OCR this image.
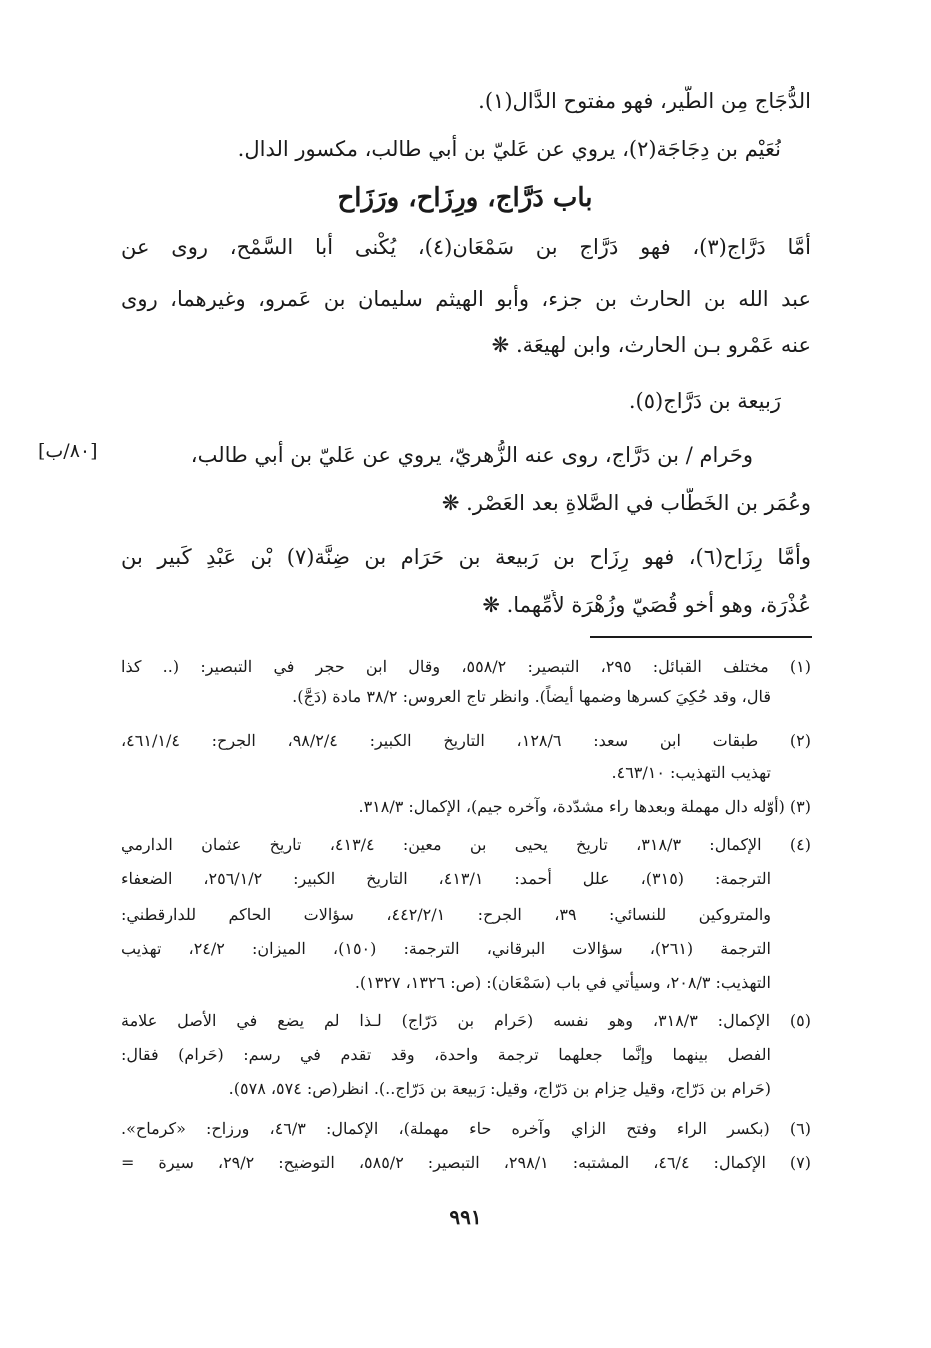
الدُّجَاج مِن الطَّير، فهو مفتوح الدَّال(١).
نُعَيْم بن دِجَاجَة(٢)، يروي عن عَليّ بن أبي طالب، مكسور الدال.
باب دَرَّاج، ورِزَاح، ورَزَاح
أمَّا دَرَّاج(٣)، فهو دَرَّاج بن سَمْعَان(٤)، يُكْنى أبا السَّمْح، روى عن
عبد الله بن الحارث بن جزء، وأبو الهيثم سليمان بن عَمرو، وغيرهما، روى
عنه عَمْرو بـن الحارث، وابن لهيعَة. ❋
رَبيعة بن دَرَّاج(٥).
وحَرام / بن دَرَّاج، روى عنه الزُّهريّ، يروي عن عَليّ بن أبي طالب،
[٨٠/ب]
وعُمَر بن الخَطَّاب في الصَّلاةِ بعد العَصْر. ❋
وأمَّا رِزَاح(٦)، فهو رِزَاح بن رَبيعة بن حَرَام بن ضِنَّة(٧) بْن عَبْدِ كَبير بن
عُذْرَة، وهو أخو قُصَيّ وزُهْرَة لأُمِّهما. ❋
(١) مختلف القبائل: ٢٩٥، التبصير: ٥٥٨/٢، وقال ابن حجر في التبصير: (.. كذا
قال، وقد حُكِيَ كسرها وضمها أيضاً). وانظر تاج العروس: ٣٨/٢ مادة (دَجَّ).
(٢) طبقات ابن سعد: ١٢٨/٦، التاريخ الكبير: ٩٨/٢/٤، الجرح: ٤٦١/١/٤،
تهذيب التهذيب: ٤٦٣/١٠.
(٣) (أوّله دال مهملة وبعدها راء مشدّدة، وآخره جيم)، الإكمال: ٣١٨/٣.
(٤) الإكمال: ٣١٨/٣، تاريخ يحيى بن معين: ٤١٣/٤، تاريخ عثمان الدارمي
الترجمة: (٣١٥)، علل أحمد: ٤١٣/١، التاريخ الكبير: ٢٥٦/١/٢، الضعفاء
والمتروكين للنسائي: ٣٩، الجرح: ٤٤٢/٢/١، سؤالات الحاكم للدارقطني:
الترجمة (٢٦١)، سؤالات البرقاني، الترجمة: (١٥٠)، الميزان: ٢٤/٢، تهذيب
التهذيب: ٢٠٨/٣، وسيأتي في باب (سَمْعَان): (ص: ١٣٢٦، ١٣٢٧).
(٥) الإكمال: ٣١٨/٣، وهو نفسه (حَرام بن دَرّاج) لـذا لم يضع في الأصل علامة
الفصل بينهما وإنَّما جعلهما ترجمة واحدة، وقد تقدم في رسم: (حَرام) فقال:
(حَرام بن دَرّاج، وقيل حِزام بن دَرّاج، وقيل: رَبيعة بن دَرّاج..). انظر(ص: ٥٧٤، ٥٧٨).
(٦) (بكسر الراء وفتح الزاي وآخره حاء مهملة)، الإكمال: ٤٦/٣، ورزاح: «كرماح».
(٧) الإكمال: ٤٦/٤، المشتبه: ٢٩٨/١، التبصير: ٥٨٥/٢، التوضيح: ٢٩/٢، سيرة =
٩٩١
